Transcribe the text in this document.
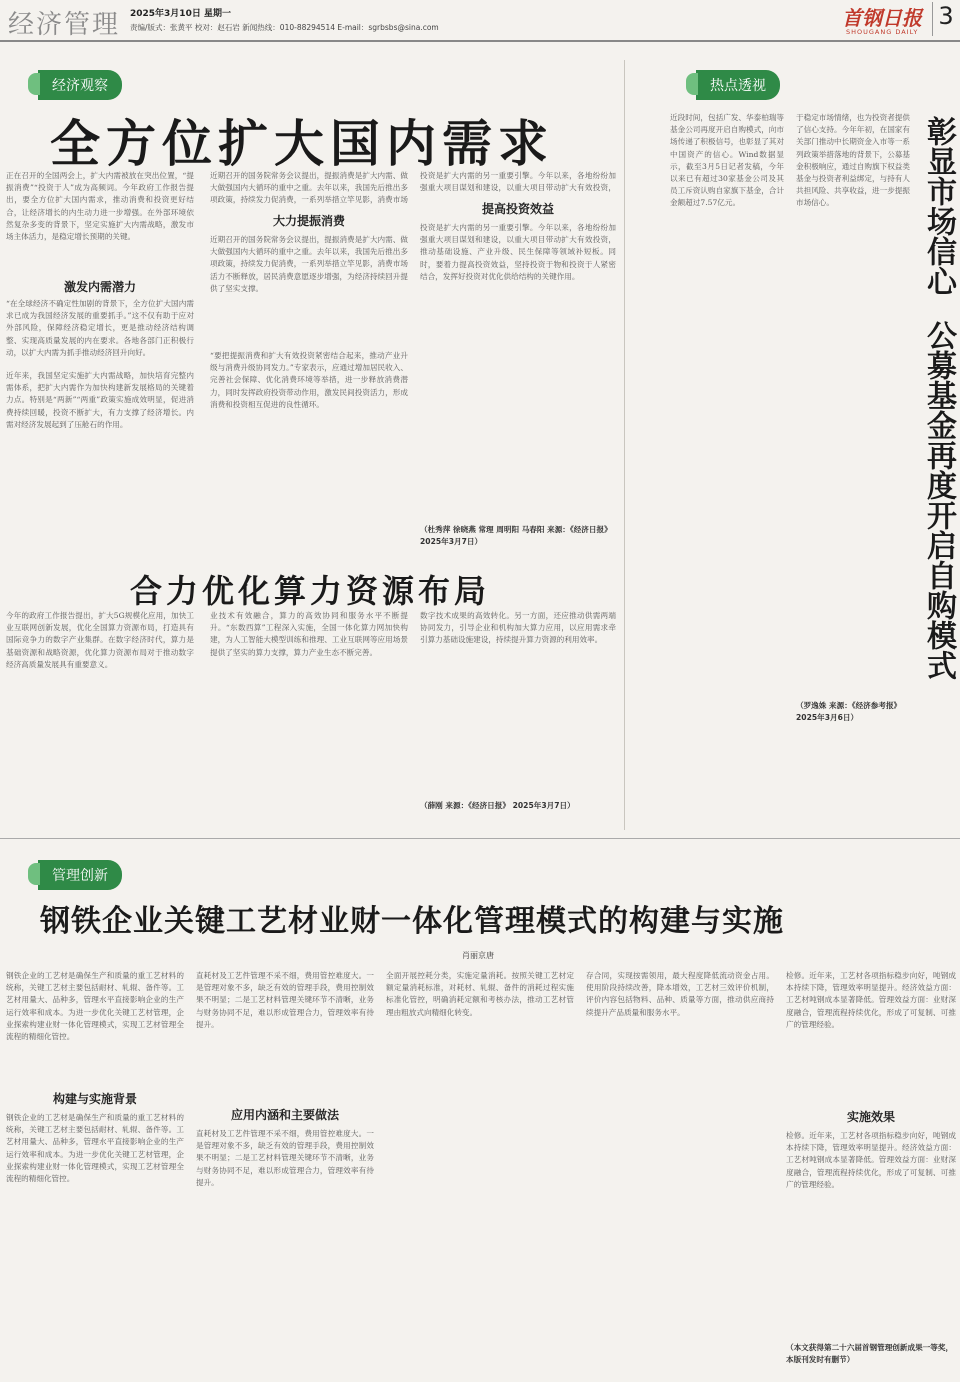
经济管理 2025年3月10日 星期一
责编/版式：张黄平 校对：赵石岩 新闻热线：010-88294514 E-mail：sgrbsbs@sina.com	首钢日报
SHOUGANG DAILY
3
经济观察
全方位扩大国内需求
正在召开的全国两会上，扩大内需被放在突出位置，“提振消费”“投资于人”成为高频词。今年政府工作报告提出，要全方位扩大国内需求，推动消费和投资更好结合，让经济增长的内生动力进一步增强。在外部环境依然复杂多变的背景下，坚定实施扩大内需战略，激发市场主体活力，是稳定增长预期的关键。
激发内需潜力
“在全球经济不确定性加剧的背景下，全方位扩大国内需求已成为我国经济发展的重要抓手。”这不仅有助于应对外部风险，保障经济稳定增长，更是推动经济结构调整、实现高质量发展的内在要求。各地各部门正积极行动，以扩大内需为抓手推动经济回升向好。
近年来，我国坚定实施扩大内需战略，加快培育完整内需体系，把扩大内需作为加快构建新发展格局的关键着力点。特别是“两新”“两重”政策实施成效明显，促进消费持续回暖，投资不断扩大，有力支撑了经济增长。内需对经济发展起到了压舱石的作用。
近期召开的国务院常务会议提出，提振消费是扩大内需、做大做强国内大循环的重中之重。去年以来，我国先后推出多项政策，持续发力促消费，一系列举措立竿见影，消费市场
大力提振消费
近期召开的国务院常务会议提出，提振消费是扩大内需、做大做强国内大循环的重中之重。去年以来，我国先后推出多项政策，持续发力促消费，一系列举措立竿见影，消费市场活力不断释放，居民消费意愿逐步增强，为经济持续回升提供了坚实支撑。
“要把提振消费和扩大有效投资紧密结合起来，推动产业升级与消费升级协同发力。”专家表示，应通过增加居民收入、完善社会保障、优化消费环境等举措，进一步释放消费潜力，同时发挥政府投资带动作用，激发民间投资活力，形成消费和投资相互促进的良性循环。
投资是扩大内需的另一重要引擎。今年以来，各地纷纷加强重大项目谋划和建设，以重大项目带动扩大有效投资，
提高投资效益
投资是扩大内需的另一重要引擎。今年以来，各地纷纷加强重大项目谋划和建设，以重大项目带动扩大有效投资，推动基础设施、产业升级、民生保障等领域补短板。同时，要着力提高投资效益，坚持投资于物和投资于人紧密结合，发挥好投资对优化供给结构的关键作用。
（杜秀萍 徐晓燕 常理 周明阳 马春阳 来源：《经济日报》 2025年3月7日）
合力优化算力资源布局
今年的政府工作报告提出，扩大5G规模化应用，加快工业互联网创新发展，优化全国算力资源布局，打造具有国际竞争力的数字产业集群。在数字经济时代，算力是基础资源和战略资源，优化算力资源布局对于推动数字经济高质量发展具有重要意义。
业技术有效融合，算力的高效协同和服务水平不断提升。“东数西算”工程深入实施，全国一体化算力网加快构建，为人工智能大模型训练和推理、工业互联网等应用场景提供了坚实的算力支撑，算力产业生态不断完善。
数字技术成果的高效转化。另一方面，还应推动供需两端协同发力，引导企业和机构加大算力应用，以应用需求牵引算力基础设施建设，持续提升算力资源的利用效率。
（薛刚 来源：《经济日报》 2025年3月7日）
热点透视
近段时间，包括广发、华泰柏瑞等基金公司再度开启自购模式，向市场传递了积极信号，也彰显了其对中国资产的信心。Wind数据显示，截至3月5日记者发稿，今年以来已有超过30家基金公司及其员工斥资认购自家旗下基金，合计金额超过7.57亿元。
于稳定市场情绪，也为投资者提供了信心支持。今年年初，在国家有关部门推动中长期资金入市等一系列政策举措落地的背景下，公募基金积极响应，通过自购旗下权益类基金与投资者利益绑定，与持有人共担风险、共享收益，进一步提振市场信心。
（罗逸姝 来源：《经济参考报》 2025年3月6日）
彰显市场信心
公募基金再度开启自购模式
管理创新
钢铁企业关键工艺材业财一体化管理模式的构建与实施
肖丽京唐
钢铁企业的工艺材是确保生产和质量的重工艺材料的统称，关键工艺材主要包括耐材、轧辊、备件等。工艺材用量大、品种多，管理水平直接影响企业的生产运行效率和成本。为进一步优化关键工艺材管理，企业探索构建业财一体化管理模式，实现工艺材管理全流程的精细化管控。
构建与实施背景
钢铁企业的工艺材是确保生产和质量的重工艺材料的统称，关键工艺材主要包括耐材、轧辊、备件等。工艺材用量大、品种多，管理水平直接影响企业的生产运行效率和成本。为进一步优化关键工艺材管理，企业探索构建业财一体化管理模式，实现工艺材管理全流程的精细化管控。
直耗材及工艺件管理不采不细，费用管控难度大。一是管理对象不多，缺乏有效的管理手段，费用控制效果不明显；二是工艺材料管理关键环节不清晰，业务与财务协同不足，难以形成管理合力，管理效率有待提升。
应用内涵和主要做法
直耗材及工艺件管理不采不细，费用管控难度大。一是管理对象不多，缺乏有效的管理手段，费用控制效果不明显；二是工艺材料管理关键环节不清晰，业务与财务协同不足，难以形成管理合力，管理效率有待提升。
全面开展控耗分类，实施定量消耗。按照关键工艺材定额定量消耗标准，对耗材、轧辊、备件的消耗过程实施标准化管控，明确消耗定额和考核办法，推动工艺材管理由粗放式向精细化转变。
存合同，实现按需领用，最大程度降低流动资金占用。使用阶段持续改善，降本增效，工艺材三效评价机制，评价内容包括物料、品种、质量等方面，推动供应商持续提升产品质量和服务水平。
检修。近年来，工艺材各项指标稳步向好，吨钢成本持续下降，管理效率明显提升。经济效益方面：工艺材吨钢成本显著降低。管理效益方面：业财深度融合，管理流程持续优化，形成了可复制、可推广的管理经验。
实施效果
检修。近年来，工艺材各项指标稳步向好，吨钢成本持续下降，管理效率明显提升。经济效益方面：工艺材吨钢成本显著降低。管理效益方面：业财深度融合，管理流程持续优化，形成了可复制、可推广的管理经验。
（本文获得第二十六届首钢管理创新成果一等奖，本版刊发时有删节）
